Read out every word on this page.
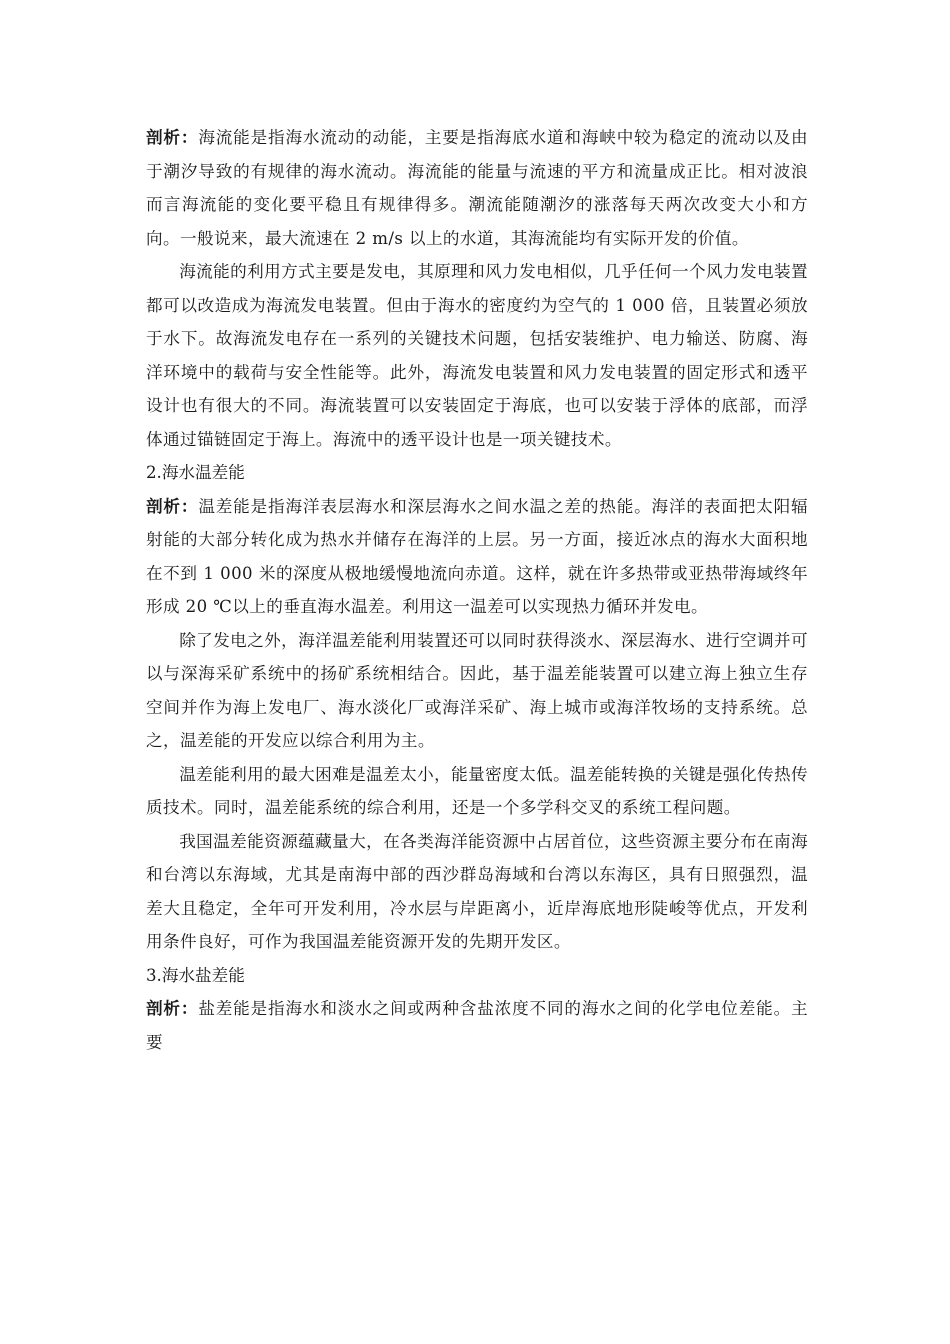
剖析：海流能是指海水流动的动能，主要是指海底水道和海峡中较为稳定的流动以及由于潮汐导致的有规律的海水流动。海流能的能量与流速的平方和流量成正比。相对波浪而言海流能的变化要平稳且有规律得多。潮流能随潮汐的涨落每天两次改变大小和方向。一般说来，最大流速在 2 m/s 以上的水道，其海流能均有实际开发的价值。

海流能的利用方式主要是发电，其原理和风力发电相似，几乎任何一个风力发电装置都可以改造成为海流发电装置。但由于海水的密度约为空气的 1 000 倍，且装置必须放于水下。故海流发电存在一系列的关键技术问题，包括安装维护、电力输送、防腐、海洋环境中的载荷与安全性能等。此外，海流发电装置和风力发电装置的固定形式和透平设计也有很大的不同。海流装置可以安装固定于海底，也可以安装于浮体的底部，而浮体通过锚链固定于海上。海流中的透平设计也是一项关键技术。

2.海水温差能

剖析：温差能是指海洋表层海水和深层海水之间水温之差的热能。海洋的表面把太阳辐射能的大部分转化成为热水并储存在海洋的上层。另一方面，接近冰点的海水大面积地在不到 1 000 米的深度从极地缓慢地流向赤道。这样，就在许多热带或亚热带海域终年形成 20 ℃以上的垂直海水温差。利用这一温差可以实现热力循环并发电。

除了发电之外，海洋温差能利用装置还可以同时获得淡水、深层海水、进行空调并可以与深海采矿系统中的扬矿系统相结合。因此，基于温差能装置可以建立海上独立生存空间并作为海上发电厂、海水淡化厂或海洋采矿、海上城市或海洋牧场的支持系统。总之，温差能的开发应以综合利用为主。

温差能利用的最大困难是温差太小，能量密度太低。温差能转换的关键是强化传热传质技术。同时，温差能系统的综合利用，还是一个多学科交叉的系统工程问题。

我国温差能资源蕴藏量大，在各类海洋能资源中占居首位，这些资源主要分布在南海和台湾以东海域，尤其是南海中部的西沙群岛海域和台湾以东海区，具有日照强烈，温差大且稳定，全年可开发利用，冷水层与岸距离小，近岸海底地形陡峻等优点，开发利用条件良好，可作为我国温差能资源开发的先期开发区。

3.海水盐差能

剖析：盐差能是指海水和淡水之间或两种含盐浓度不同的海水之间的化学电位差能。主要
